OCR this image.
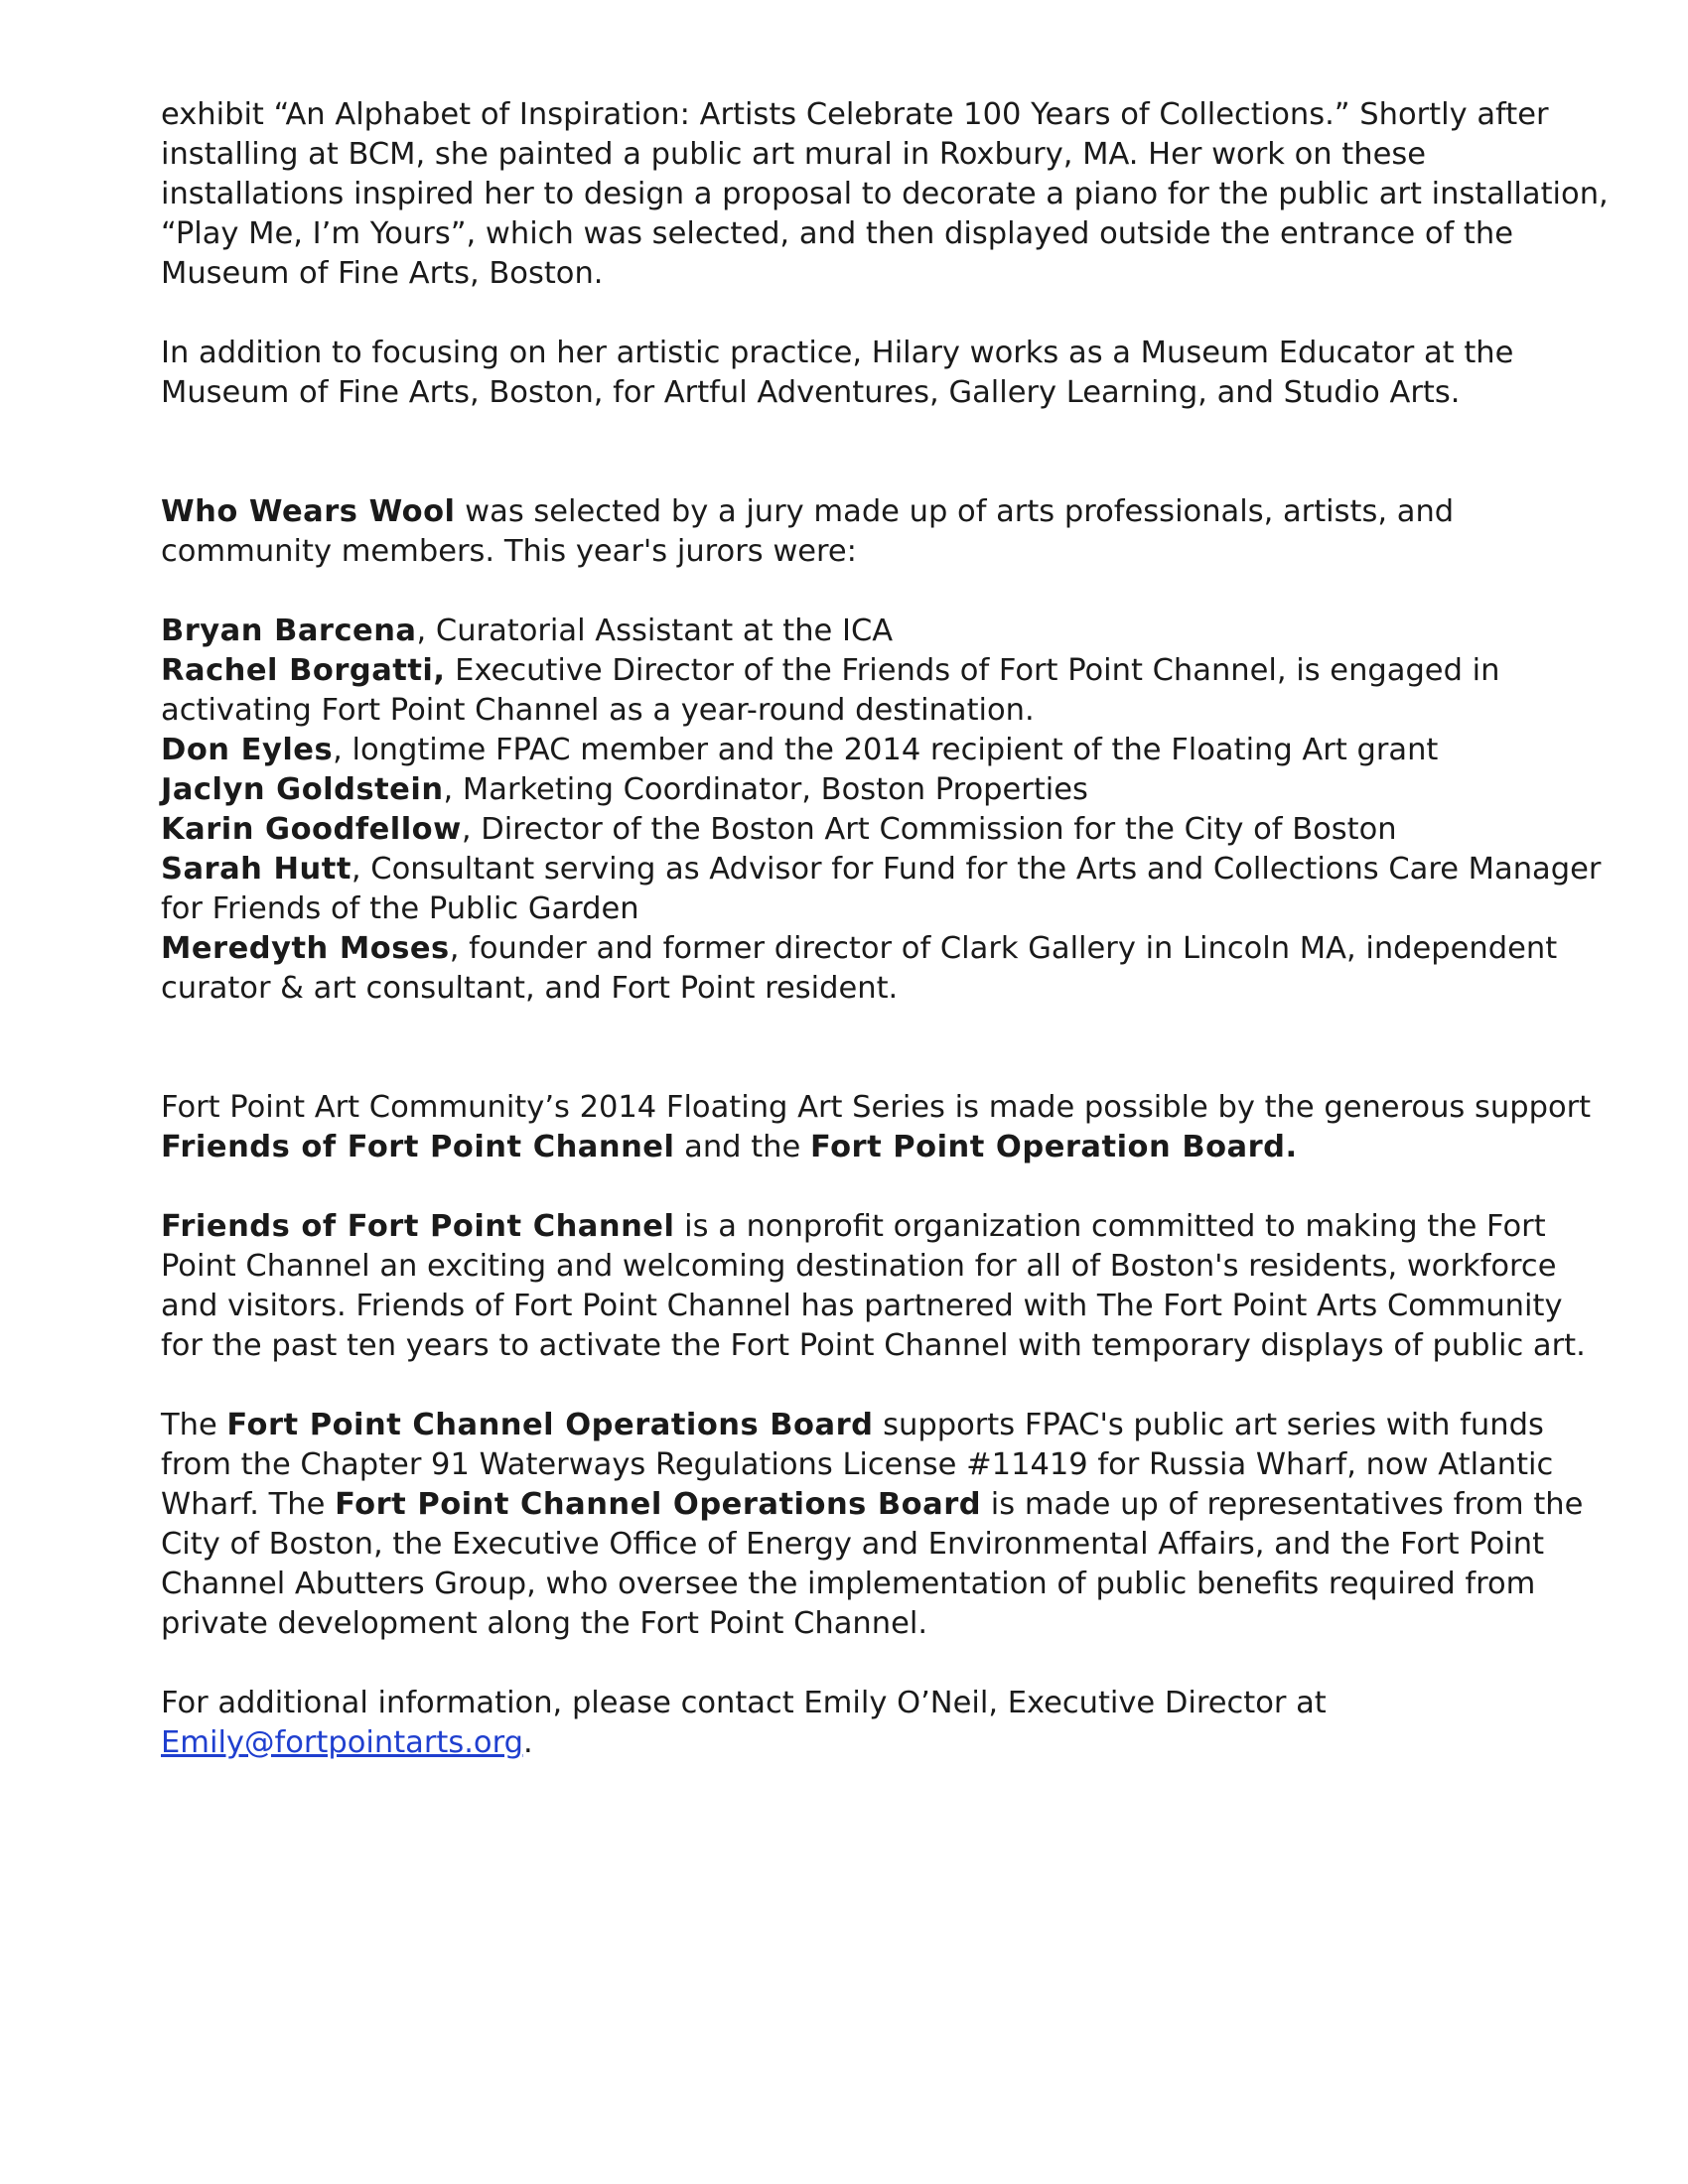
exhibit “An Alphabet of Inspiration: Artists Celebrate 100 Years of Collections.” Shortly after installing at BCM, she painted a public art mural in Roxbury, MA. Her work on these installations inspired her to design a proposal to decorate a piano for the public art installation, “Play Me, I’m Yours”, which was selected, and then displayed outside the entrance of the Museum of Fine Arts, Boston.

In addition to focusing on her artistic practice, Hilary works as a Museum Educator at the Museum of Fine Arts, Boston, for Artful Adventures, Gallery Learning, and Studio Arts.

Who Wears Wool was selected by a jury made up of arts professionals, artists, and community members. This year's jurors were:

Bryan Barcena, Curatorial Assistant at the ICA
Rachel Borgatti, Executive Director of the Friends of Fort Point Channel, is engaged in activating Fort Point Channel as a year-round destination.
Don Eyles, longtime FPAC member and the 2014 recipient of the Floating Art grant
Jaclyn Goldstein, Marketing Coordinator, Boston Properties
Karin Goodfellow, Director of the Boston Art Commission for the City of Boston
Sarah Hutt, Consultant serving as Advisor for Fund for the Arts and Collections Care Manager for Friends of the Public Garden
Meredyth Moses, founder and former director of Clark Gallery in Lincoln MA, independent curator & art consultant, and Fort Point resident.

Fort Point Art Community’s 2014 Floating Art Series is made possible by the generous support Friends of Fort Point Channel and the Fort Point Operation Board.

Friends of Fort Point Channel is a nonprofit organization committed to making the Fort Point Channel an exciting and welcoming destination for all of Boston's residents, workforce and visitors. Friends of Fort Point Channel has partnered with The Fort Point Arts Community for the past ten years to activate the Fort Point Channel with temporary displays of public art.

The Fort Point Channel Operations Board supports FPAC's public art series with funds from the Chapter 91 Waterways Regulations License #11419 for Russia Wharf, now Atlantic Wharf. The Fort Point Channel Operations Board is made up of representatives from the City of Boston, the Executive Office of Energy and Environmental Affairs, and the Fort Point Channel Abutters Group, who oversee the implementation of public benefits required from private development along the Fort Point Channel.

For additional information, please contact Emily O’Neil, Executive Director at Emily@fortpointarts.org.
